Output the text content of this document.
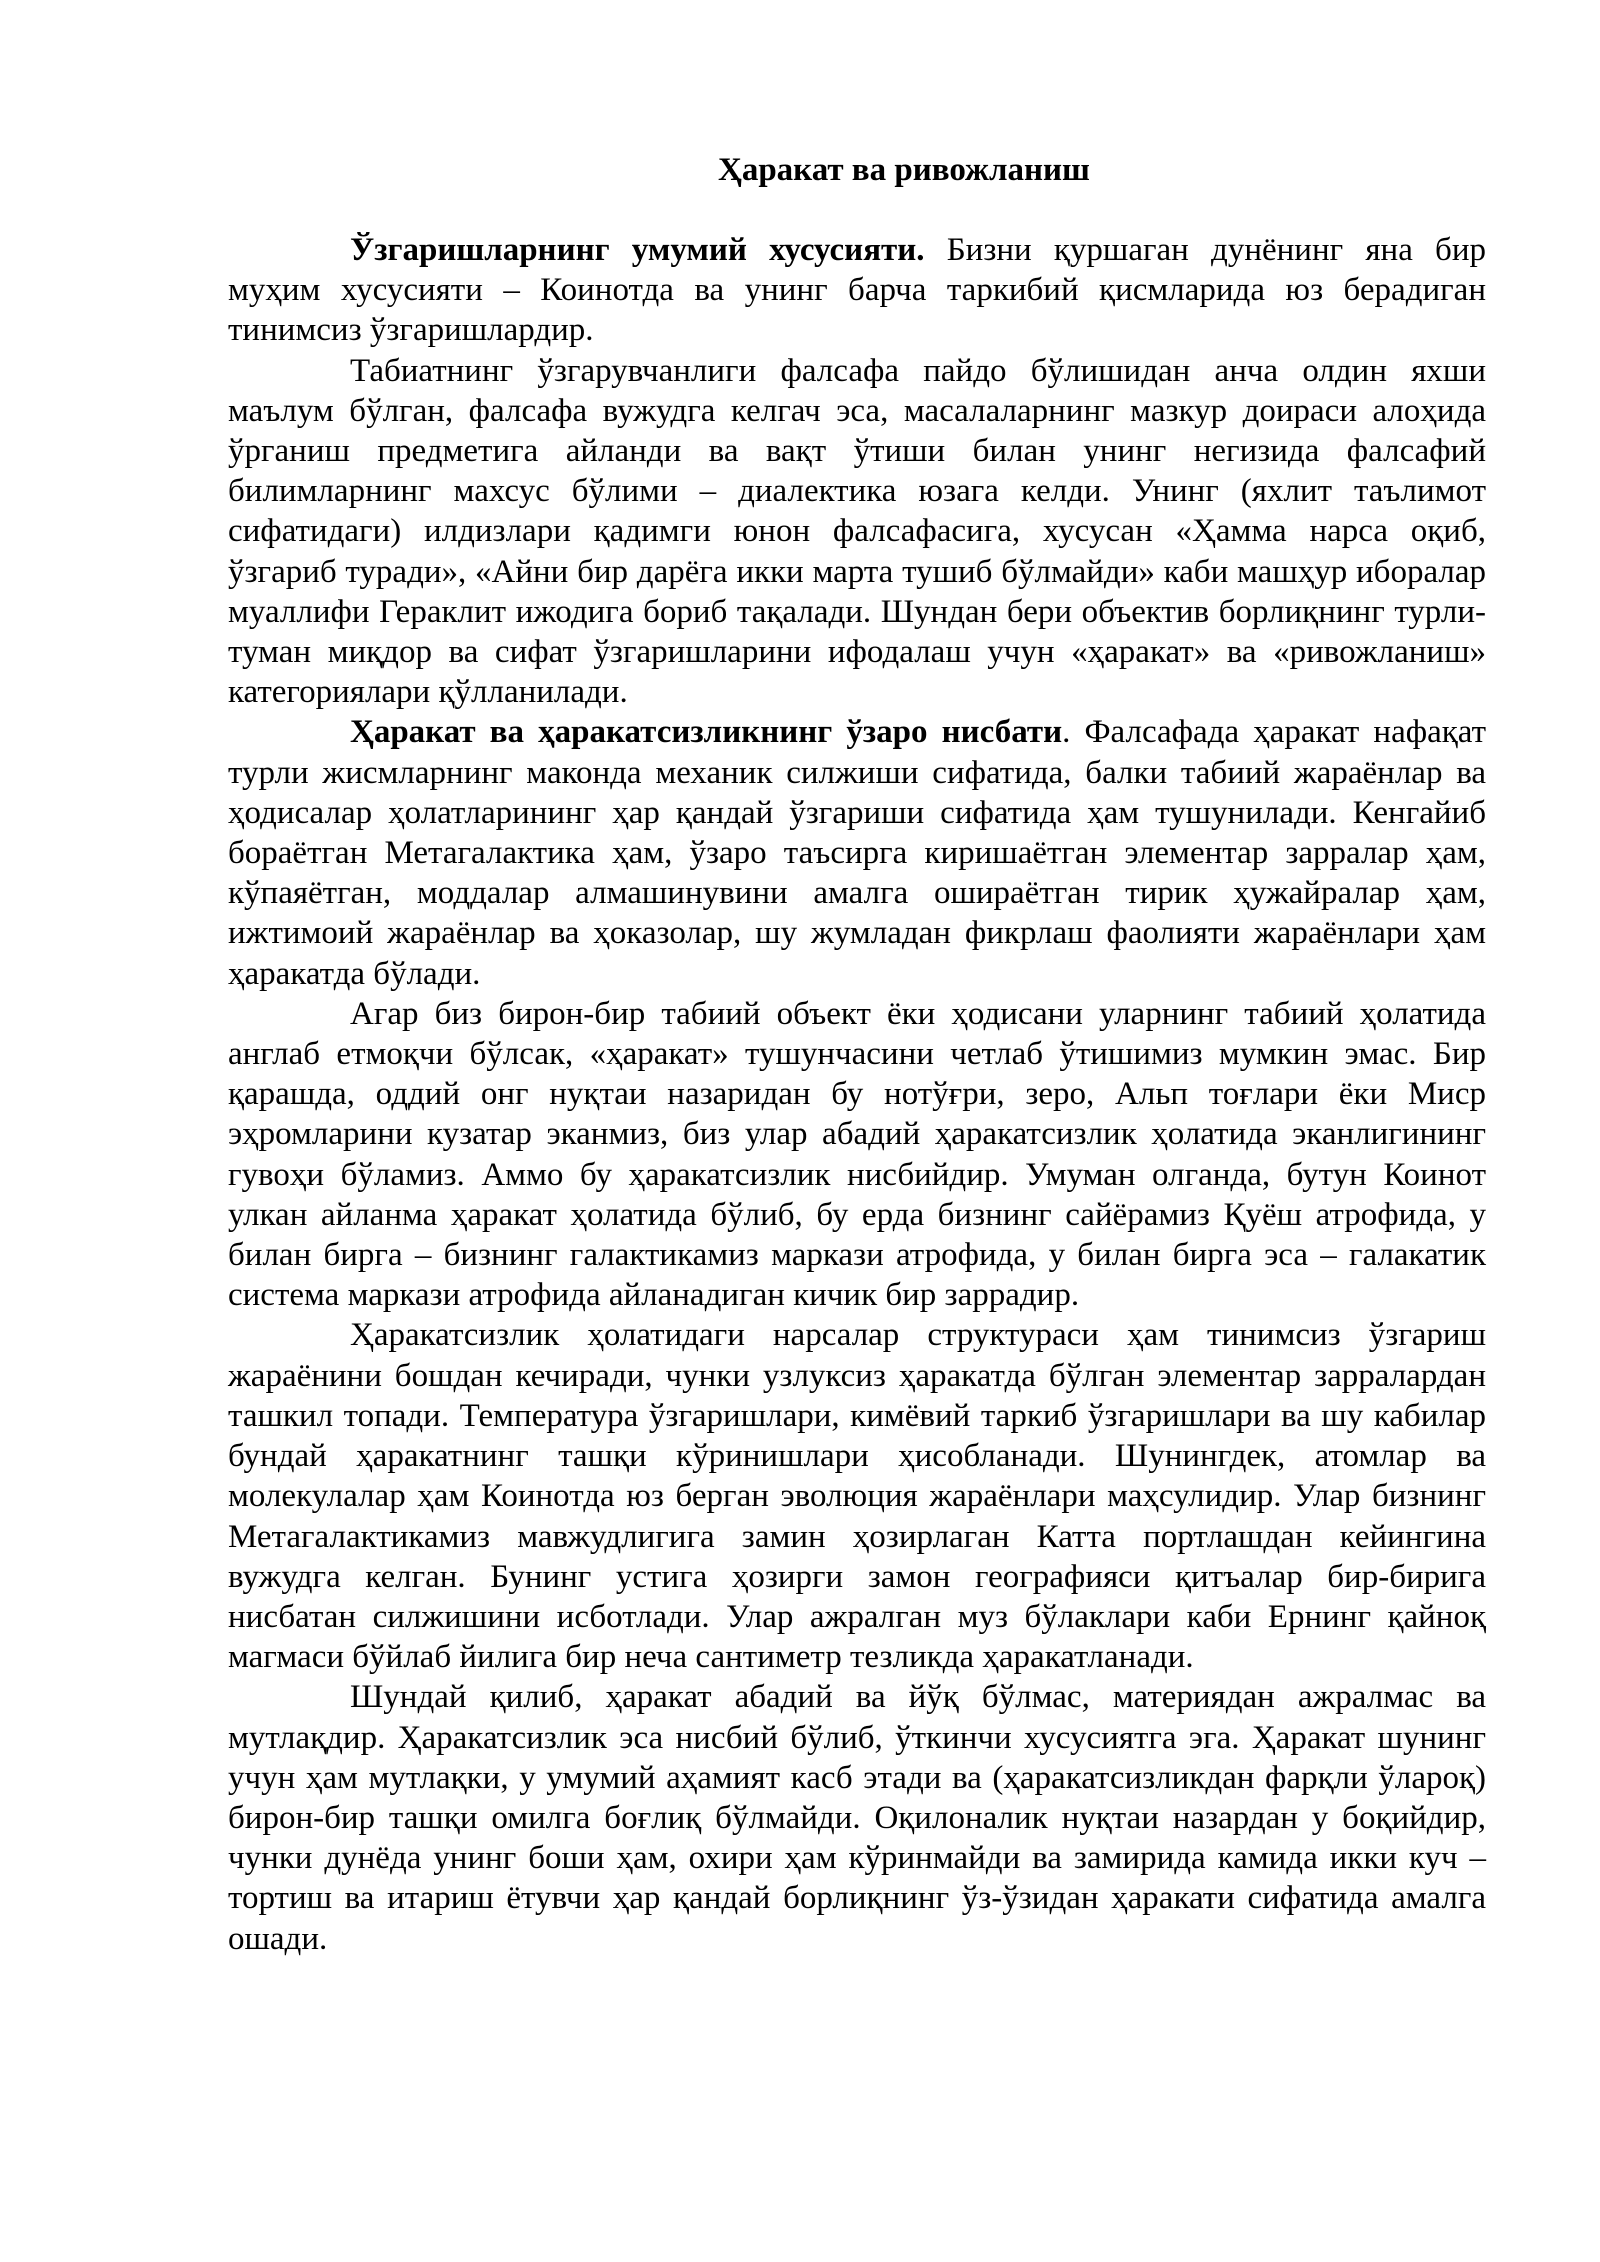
Ҳаракат ва ривожланиш

Ўзгаришларнинг умумий хусусияти. Бизни қуршаган дунёнинг яна бир муҳим хусусияти – Коинотда ва унинг барча таркибий қисмларида юз берадиган тинимсиз ўзгаришлардир.

Табиатнинг ўзгарувчанлиги фалсафа пайдо бўлишидан анча олдин яхши маълум бўлган, фалсафа вужудга келгач эса, масалаларнинг мазкур доираси алоҳида ўрганиш предметига айланди ва вақт ўтиши билан унинг негизида фалсафий билимларнинг махсус бўлими – диалектика юзага келди. Унинг (яхлит таълимот сифатидаги) илдизлари қадимги юнон фалсафасига, хусусан «Ҳамма нарса оқиб, ўзгариб туради», «Айни бир дарёга икки марта тушиб бўлмайди» каби машҳур иборалар муаллифи Гераклит ижодига бориб тақалади. Шундан бери объектив борлиқнинг турли-туман миқдор ва сифат ўзгаришларини ифодалаш учун «ҳаракат» ва «ривожланиш» категориялари қўлланилади.

Ҳаракат ва ҳаракатсизликнинг ўзаро нисбати. Фалсафада ҳаракат нафақат турли жисмларнинг маконда механик силжиши сифатида, балки табиий жараёнлар ва ҳодисалар ҳолатларининг ҳар қандай ўзгариши сифатида ҳам тушунилади. Кенгайиб бораётган Метагалактика ҳам, ўзаро таъсирга киришаётган элементар зарралар ҳам, кўпаяётган, моддалар алмашинувини амалга ошираётган тирик ҳужайралар ҳам, ижтимоий жараёнлар ва ҳоказолар, шу жумладан фикрлаш фаолияти жараёнлари ҳам ҳаракатда бўлади.

Агар биз бирон-бир табиий объект ёки ҳодисани уларнинг табиий ҳолатида англаб етмоқчи бўлсак, «ҳаракат» тушунчасини четлаб ўтишимиз мумкин эмас. Бир қарашда, оддий онг нуқтаи назаридан бу нотўғри, зеро, Альп тоғлари ёки Миср эҳромларини кузатар эканмиз, биз улар абадий ҳаракатсизлик ҳолатида эканлигининг гувоҳи бўламиз. Аммо бу ҳаракатсизлик нисбийдир. Умуман олганда, бутун Коинот улкан айланма ҳаракат ҳолатида бўлиб, бу ерда бизнинг сайёрамиз Қуёш атрофида, у билан бирга – бизнинг галактикамиз маркази атрофида, у билан бирга эса – галакатик система маркази атрофида айланадиган кичик бир заррадир.

Ҳаракатсизлик ҳолатидаги нарсалар структураси ҳам тинимсиз ўзгариш жараёнини бошдан кечиради, чунки узлуксиз ҳаракатда бўлган элементар зарралардан ташкил топади. Температура ўзгаришлари, кимёвий таркиб ўзгаришлари ва шу кабилар бундай ҳаракатнинг ташқи кўринишлари ҳисобланади. Шунингдек, атомлар ва молекулалар ҳам Коинотда юз берган эволюция жараёнлари маҳсулидир. Улар бизнинг Метагалактикамиз мавжудлигига замин ҳозирлаган Катта портлашдан кейингина вужудга келган. Бунинг устига ҳозирги замон географияси қитъалар бир-бирига нисбатан силжишини исботлади. Улар ажралган муз бўлаклари каби Ернинг қайноқ магмаси бўйлаб йилига бир неча сантиметр тезликда ҳаракатланади.

Шундай қилиб, ҳаракат абадий ва йўқ бўлмас, материядан ажралмас ва мутлақдир. Ҳаракатсизлик эса нисбий бўлиб, ўткинчи хусусиятга эга. Ҳаракат шунинг учун ҳам мутлақки, у умумий аҳамият касб этади ва (ҳаракатсизликдан фарқли ўлароқ) бирон-бир ташқи омилга боғлиқ бўлмайди. Оқилоналик нуқтаи назардан у боқийдир, чунки дунёда унинг боши ҳам, охири ҳам кўринмайди ва замирида камида икки куч – тортиш ва итариш ётувчи ҳар қандай борлиқнинг ўз-ўзидан ҳаракати сифатида амалга ошади.
